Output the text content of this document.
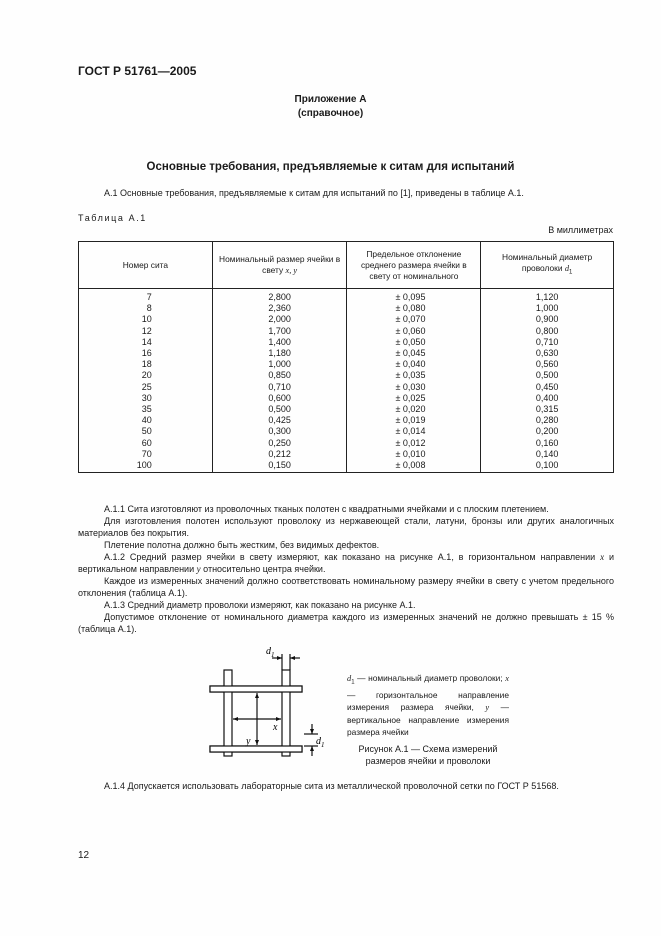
ГОСТ Р 51761—2005
Приложение А
(справочное)
Основные требования, предъявляемые к ситам для испытаний
А.1 Основные требования, предъявляемые к ситам для испытаний по [1], приведены в таблице А.1.
Таблица А.1
В миллиметрах
Номер сита	Номинальный размер ячейки в свету x, y	Предельное отклонение среднего размера ячейки в свету от номинального	Номинальный диаметр проволоки $d_1$
7	2,800	± 0,095	1,120
8	2,360	± 0,080	1,000
10	2,000	± 0,070	0,900
12	1,700	± 0,060	0,800
14	1,400	± 0,050	0,710
16	1,180	± 0,045	0,630
18	1,000	± 0,040	0,560
20	0,850	± 0,035	0,500
25	0,710	± 0,030	0,450
30	0,600	± 0,025	0,400
35	0,500	± 0,020	0,315
40	0,425	± 0,019	0,280
50	0,300	± 0,014	0,200
60	0,250	± 0,012	0,160
70	0,212	± 0,010	0,140
100	0,150	± 0,008	0,100
А.1.1 Сита изготовляют из проволочных тканых полотен с квадратными ячейками и с плоским плетением.
Для изготовления полотен используют проволоку из нержавеющей стали, латуни, бронзы или других аналогичных материалов без покрытия.
Плетение полотна должно быть жестким, без видимых дефектов.
А.1.2 Средний размер ячейки в свету измеряют, как показано на рисунке А.1, в горизонтальном направлении x и вертикальном направлении y относительно центра ячейки.
Каждое из измеренных значений должно соответствовать номинальному размеру ячейки в свету с учетом предельного отклонения (таблица А.1).
А.1.3 Средний диаметр проволоки измеряют, как показано на рисунке А.1.
Допустимое отклонение от номинального диаметра каждого из измеренных значений не должно превышать ± 15 % (таблица А.1).
$d_1$
$d_1$
x
y
$d_1$ — номинальный диаметр проволоки; x — горизонтальное направление измерения размера ячейки, y — вертикальное направление измерения размера ячейки
Рисунок А.1 — Схема измерений
размеров ячейки и проволоки
А.1.4 Допускается использовать лабораторные сита из металлической проволочной сетки по ГОСТ Р 51568.
12
